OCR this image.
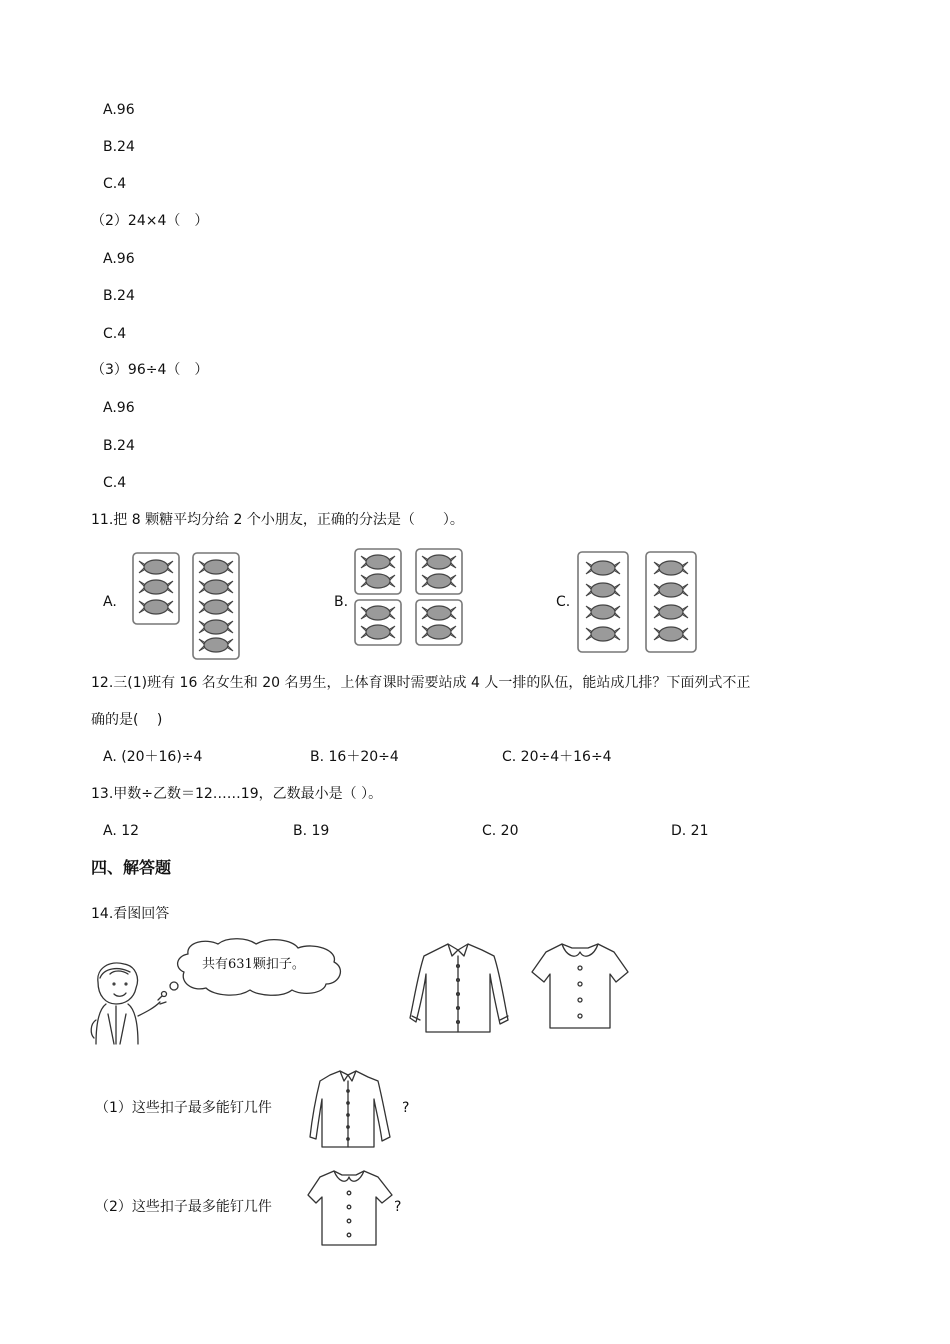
A.96
B.24
C.4
（2）24×4（　）
A.96
B.24
C.4
（3）96÷4（　）
A.96
B.24
C.4
11.把 8 颗糖平均分给 2 个小朋友，正确的分法是（　　）。
A.	B.	C.
12.三(1)班有 16 名女生和 20 名男生，上体育课时需要站成 4 人一排的队伍，能站成几排？下面列式不正
确的是(　 )
A. (20＋16)÷4	B. 16＋20÷4	C. 20÷4＋16÷4
13.甲数÷乙数＝12……19，乙数最小是（ ）。
A. 12	B. 19	C. 20	D. 21
四、解答题
14.看图回答
共有631颗扣子。
（1）这些扣子最多能钉几件	?
（2）这些扣子最多能钉几件	?
